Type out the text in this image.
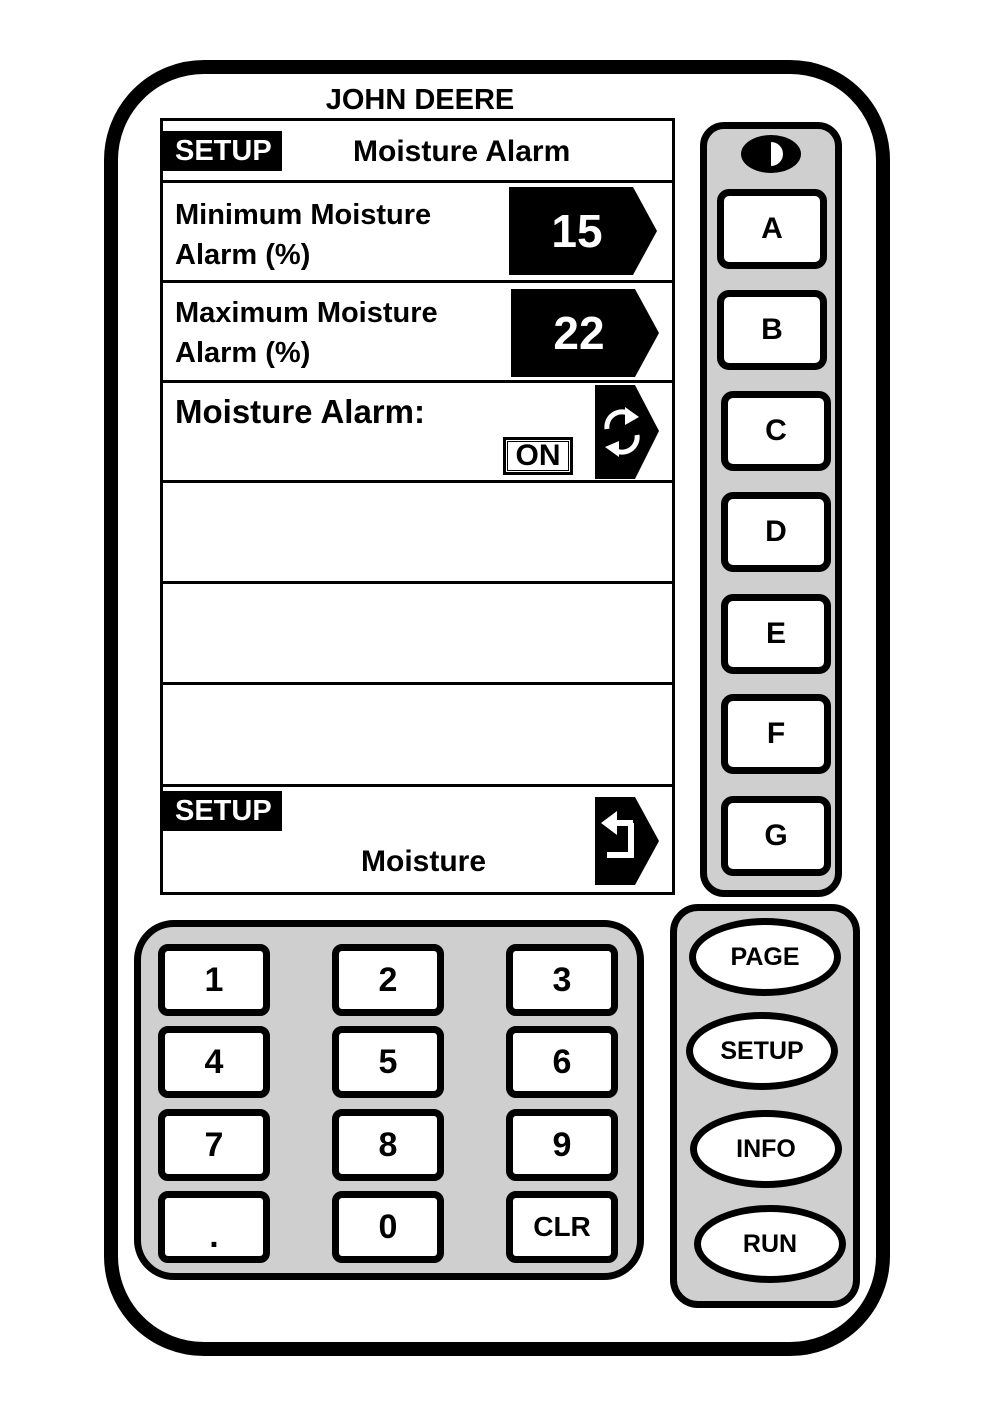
JOHN DEERE
SETUP	Moisture Alarm
Minimum Moisture
Alarm (%)	15
Maximum Moisture
Alarm (%)	22
Moisture Alarm:
ON
SETUP
Moisture
A
B
C
D
E
F
G
1	2	3
4	5	6
7	8	9
.	0	CLR
PAGE
SETUP
INFO
RUN
